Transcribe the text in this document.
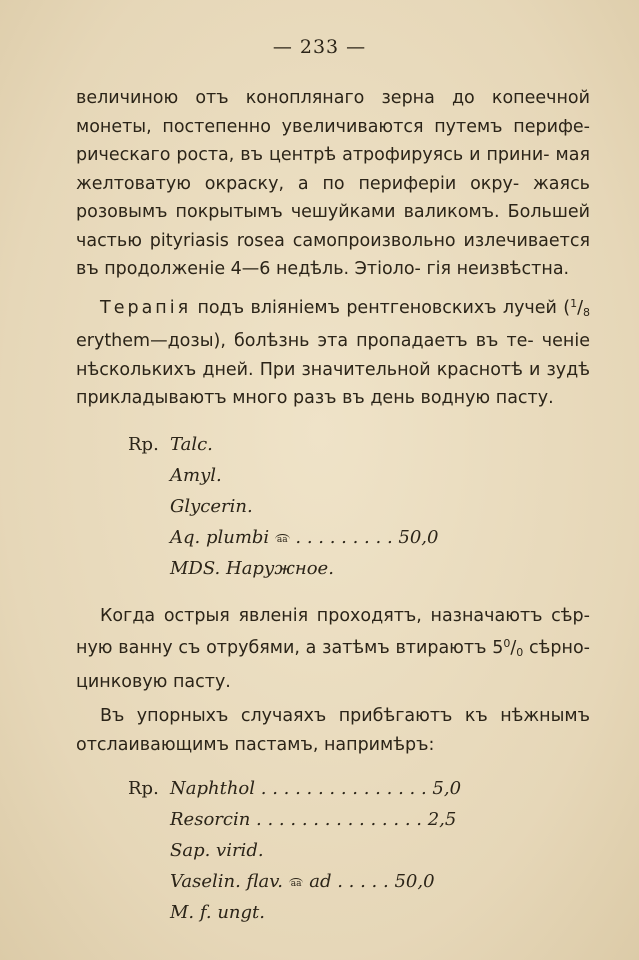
— 233 —

величиною отъ коноплянаго зерна до копеечной монеты, постепенно увеличиваются путемъ перифе- рическаго роста, въ центрѣ атрофируясь и прини- мая желтоватую окраску, а по периферіи окру- жаясь розовымъ покрытымъ чешуйками валикомъ. Большей частью pityriasis rosea самопроизвольно излечивается въ продолженіе 4—6 недѣль. Этіоло- гія неизвѣстна.

Терапія подъ вліяніемъ рентгеновскихъ лучей ($^1/_8$ erythem—дозы), болѣзнь эта пропадаетъ въ те- ченіе нѣсколькихъ дней. При значительной краснотѣ и зудѣ прикладываютъ много разъ въ день водную пасту.

Rp. Talc.
Amyl.
Glycerin.
Aq. plumbi aa . . . . . . . . . 50,0
MDS. Наружное.

Когда острыя явленія проходятъ, назначаютъ сѣр- ную ванну съ отрубями, а затѣмъ втираютъ $5^0/_0$ сѣрно-цинковую пасту.

Въ упорныхъ случаяхъ прибѣгаютъ къ нѣжнымъ отслаивающимъ пастамъ, напримѣръ:

Rp. Naphthol . . . . . . . . . . . . . . . 5,0
Resorcin . . . . . . . . . . . . . . . 2,5
Sap. virid.
Vaselin. flav. aa ad . . . . . 50,0
M. f. ungt.
